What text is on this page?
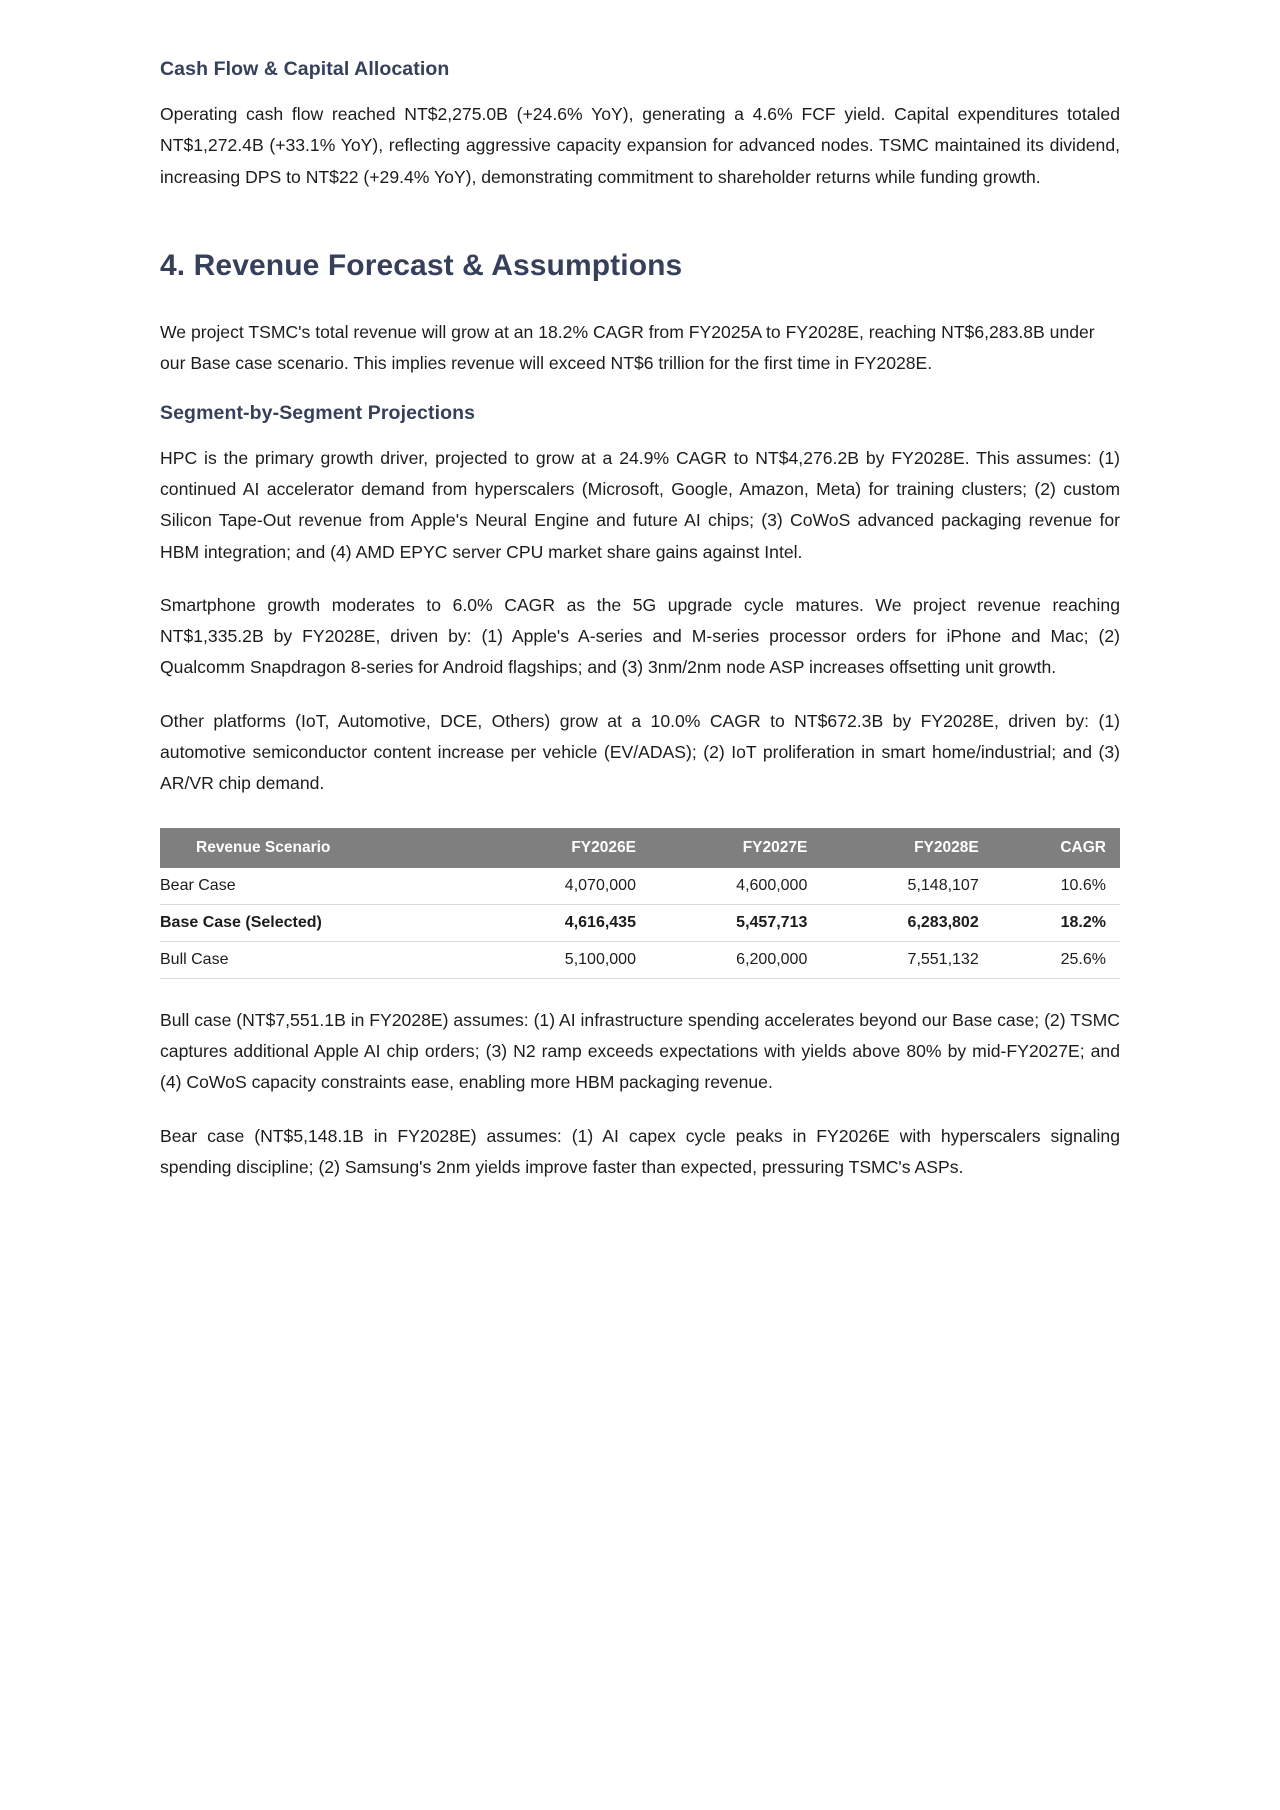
Cash Flow & Capital Allocation

Operating cash flow reached NT$2,275.0B (+24.6% YoY), generating a 4.6% FCF yield. Capital expenditures totaled NT$1,272.4B (+33.1% YoY), reflecting aggressive capacity expansion for advanced nodes. TSMC maintained its dividend, increasing DPS to NT$22 (+29.4% YoY), demonstrating commitment to shareholder returns while funding growth.

4. Revenue Forecast & Assumptions

We project TSMC's total revenue will grow at an 18.2% CAGR from FY2025A to FY2028E, reaching NT$6,283.8B under our Base case scenario. This implies revenue will exceed NT$6 trillion for the first time in FY2028E.

Segment-by-Segment Projections

HPC is the primary growth driver, projected to grow at a 24.9% CAGR to NT$4,276.2B by FY2028E. This assumes: (1) continued AI accelerator demand from hyperscalers (Microsoft, Google, Amazon, Meta) for training clusters; (2) custom Silicon Tape-Out revenue from Apple's Neural Engine and future AI chips; (3) CoWoS advanced packaging revenue for HBM integration; and (4) AMD EPYC server CPU market share gains against Intel.

Smartphone growth moderates to 6.0% CAGR as the 5G upgrade cycle matures. We project revenue reaching NT$1,335.2B by FY2028E, driven by: (1) Apple's A-series and M-series processor orders for iPhone and Mac; (2) Qualcomm Snapdragon 8-series for Android flagships; and (3) 3nm/2nm node ASP increases offsetting unit growth.

Other platforms (IoT, Automotive, DCE, Others) grow at a 10.0% CAGR to NT$672.3B by FY2028E, driven by: (1) automotive semiconductor content increase per vehicle (EV/ADAS); (2) IoT proliferation in smart home/industrial; and (3) AR/VR chip demand.

Revenue Scenario	FY2026E	FY2027E	FY2028E	CAGR
Bear Case	4,070,000	4,600,000	5,148,107	10.6%
Base Case (Selected)	4,616,435	5,457,713	6,283,802	18.2%
Bull Case	5,100,000	6,200,000	7,551,132	25.6%

Bull case (NT$7,551.1B in FY2028E) assumes: (1) AI infrastructure spending accelerates beyond our Base case; (2) TSMC captures additional Apple AI chip orders; (3) N2 ramp exceeds expectations with yields above 80% by mid-FY2027E; and (4) CoWoS capacity constraints ease, enabling more HBM packaging revenue.

Bear case (NT$5,148.1B in FY2028E) assumes: (1) AI capex cycle peaks in FY2026E with hyperscalers signaling spending discipline; (2) Samsung's 2nm yields improve faster than expected, pressuring TSMC's ASPs.
